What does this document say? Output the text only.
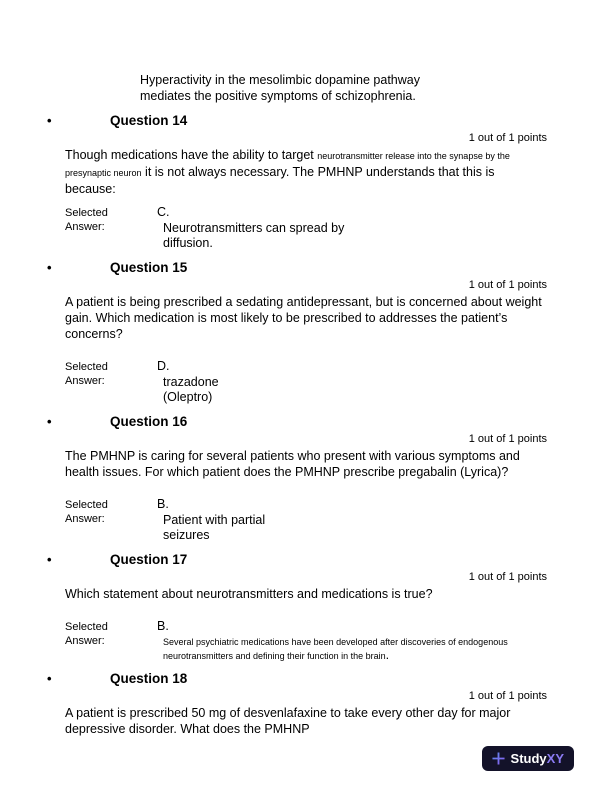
Hyperactivity in the mesolimbic dopamine pathway
mediates the positive symptoms of schizophrenia.
•	Question 14
1 out of 1 points

Though medications have the ability to target neurotransmitter release into the synapse by the presynaptic neuron it is not always necessary. The PMHNP understands that this is because:

Selected
Answer:
C.
Neurotransmitters can spread by
diffusion.
•	Question 15
1 out of 1 points

A patient is being prescribed a sedating antidepressant, but is concerned about weight gain. Which medication is most likely to be prescribed to addresses the patient’s concerns?

Selected
Answer:
D.
trazadone
(Oleptro)
•	Question 16
1 out of 1 points

The PMHNP is caring for several patients who present with various symptoms and health issues. For which patient does the PMHNP prescribe pregabalin (Lyrica)?

Selected
Answer:
B.
Patient with partial
seizures
•	Question 17
1 out of 1 points

Which statement about neurotransmitters and medications is true?

Selected
Answer:
B.
Several psychiatric medications have been developed after discoveries of endogenous
neurotransmitters and defining their function in the brain.
•	Question 18
1 out of 1 points

A patient is prescribed 50 mg of desvenlafaxine to take every other day for major depressive disorder. What does the PMHNP

StudyXY
